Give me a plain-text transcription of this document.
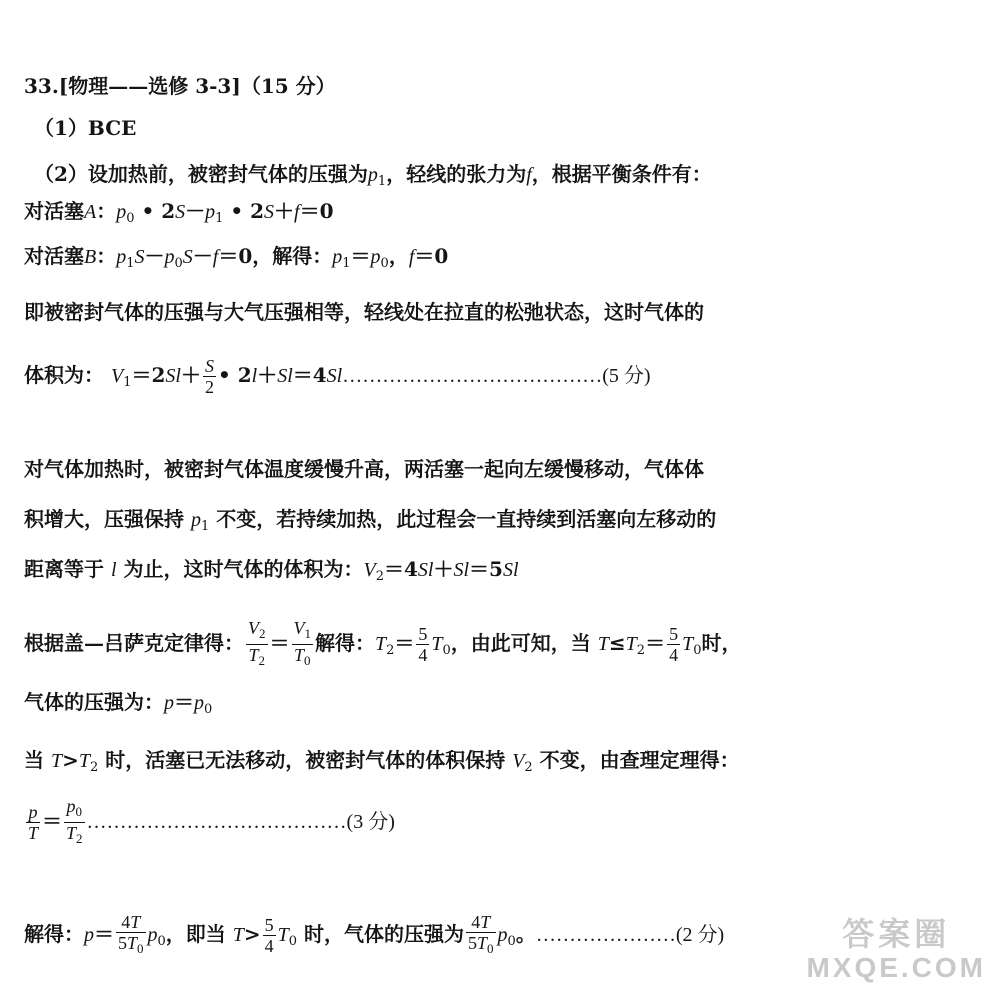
33.[物理——选修 3-3]（15 分）
（1）BCE
（2）设加热前，被密封气体的压强为$p_1$，轻线的张力为f，根据平衡条件有：
对活塞A：$p_0$ • $2S-p_1$ • 2S＋f＝0
对活塞B：$p_1S-p_0S-f=0$，解得：$p_1=p_0$，f＝0
即被密封气体的压强与大气压强相等，轻线处在拉直的松弛状态，这时气体的
体积为： $V_1=2Sl+ \frac{S}{2}$ • 2l＋Sl＝4Sl…………………………………(5 分)
对气体加热时，被密封气体温度缓慢升高，两活塞一起向左缓慢移动，气体体
积增大，压强保持 $p_1$ 不变，若持续加热，此过程会一直持续到活塞向左移动的
距离等于 l 为止，这时气体的体积为：$V_2=4Sl+Sl=5Sl$
根据盖—吕萨克定律得： $\frac{V_2}{T_2} = \frac{V_1}{T_0}$ 解得：$T_2= \frac{5}{4} T_0$，由此可知，当 $T\le T_2= \frac{5}{4} T_0$时，
气体的压强为：$p=p_0$
当 $T>T_2$ 时，活塞已无法移动，被密封气体的体积保持 $V_2$ 不变，由查理定理得：
$\frac{p}{T} = \frac{p_0}{T_2}$ …………………………………(3 分)
解得：$p= \frac{4T}{5T_0} p_0$，即当 $T> \frac{5}{4} T_0$ 时，气体的压强为 $\frac{4T}{5T_0} p_0$。…………………(2 分)	答案圈
MXQE.COM
